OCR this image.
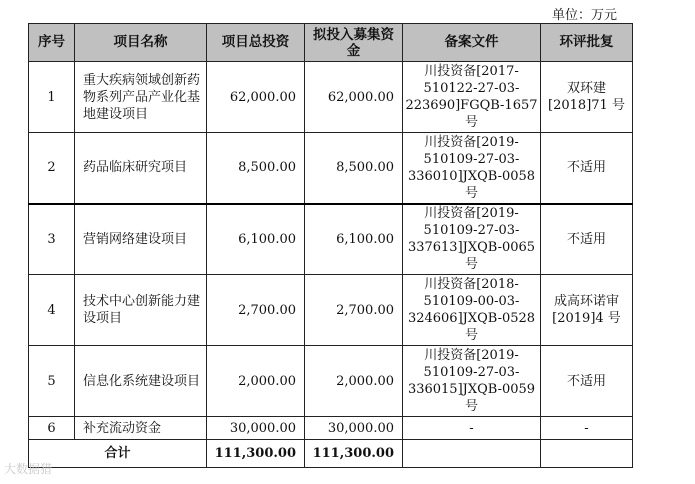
单位：万元
序号	项目名称	项目总投资	拟投入募集资金	备案文件	环评批复
1	重大疾病领域创新药物系列产品产业化基地建设项目	62,000.00	62,000.00	川投资备[2017-510122-27-03-223690]FGQB-1657 号	双环建[2018]71 号
2	药品临床研究项目	8,500.00	8,500.00	川投资备[2019-510109-27-03-336010]JXQB-0058 号	不适用
3	营销网络建设项目	6,100.00	6,100.00	川投资备[2019-510109-27-03-337613]JXQB-0065 号	不适用
4	技术中心创新能力建设项目	2,700.00	2,700.00	川投资备[2018-510109-00-03-324606]JXQB-0528 号	成高环诺审[2019]4 号
5	信息化系统建设项目	2,000.00	2,000.00	川投资备[2019-510109-27-03-336015]JXQB-0059 号	不适用
6	补充流动资金	30,000.00	30,000.00	-	-
合计		111,300.00	111,300.00		
大数据猎
